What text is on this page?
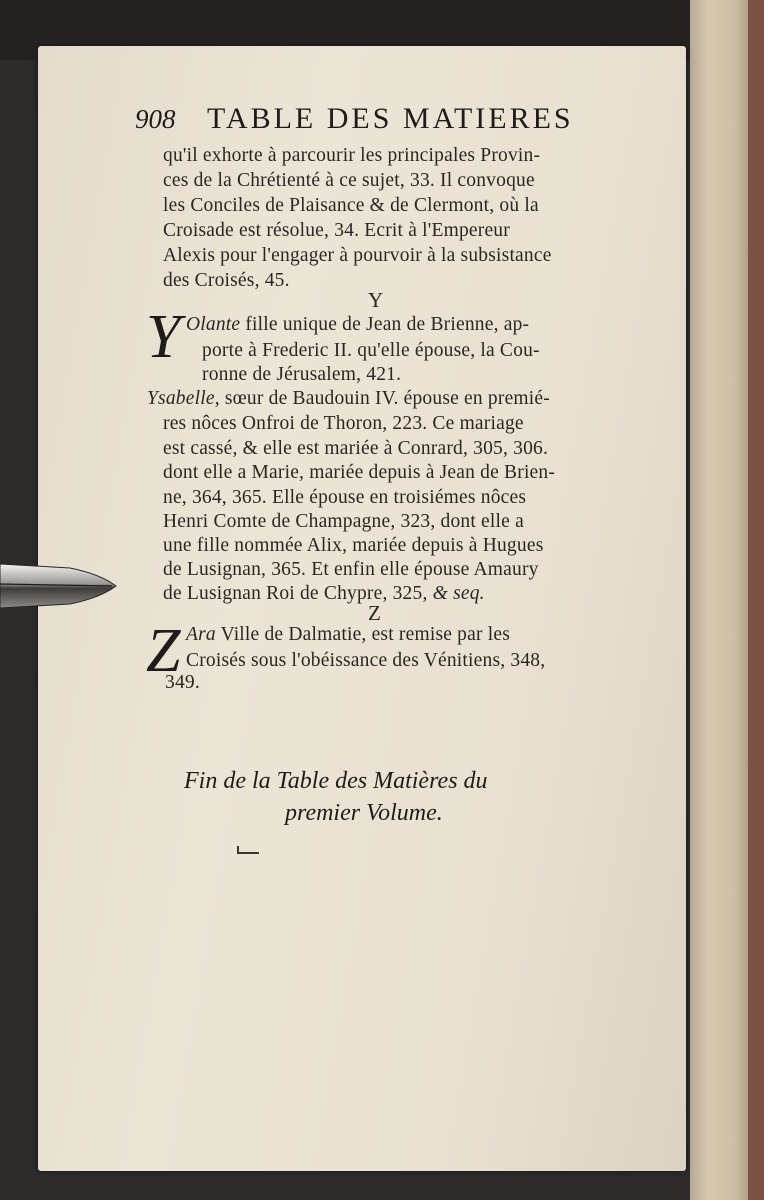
908 TABLE DES MATIERES
qu'il exhorte à parcourir les principales Provin-
ces de la Chrétienté à ce sujet, 33. Il convoque
les Conciles de Plaisance & de Clermont, où la
Croisade est résolue, 34. Ecrit à l'Empereur
Alexis pour l'engager à pourvoir à la subsistance
des Croisés, 45.
Y
Y Olante fille unique de Jean de Brienne, ap-
porte à Frederic II. qu'elle épouse, la Cou-
ronne de Jérusalem, 421.
Ysabelle, sœur de Baudouin IV. épouse en premié-
res nôces Onfroi de Thoron, 223. Ce mariage
est cassé, & elle est mariée à Conrard, 305, 306.
dont elle a Marie, mariée depuis à Jean de Brien-
ne, 364, 365. Elle épouse en troisiémes nôces
Henri Comte de Champagne, 323, dont elle a
une fille nommée Alix, mariée depuis à Hugues
de Lusignan, 365. Et enfin elle épouse Amaury
de Lusignan Roi de Chypre, 325, & seq.
Z
Z Ara Ville de Dalmatie, est remise par les
Croisés sous l'obéissance des Vénitiens, 348,
349.
Fin de la Table des Matières du
premier Volume.
